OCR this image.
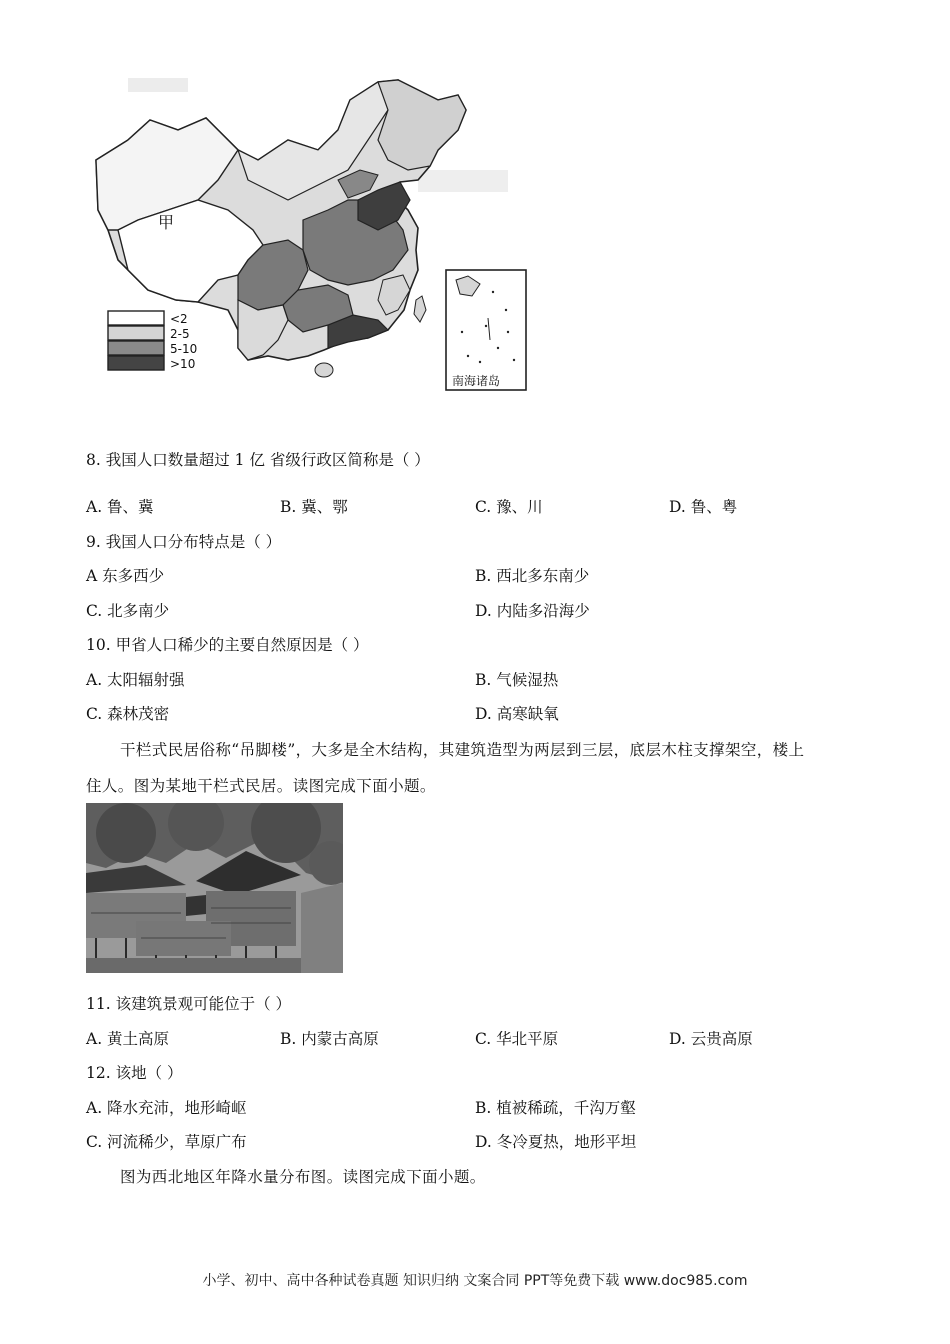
甲
<2
2-5
5-10
>10
南海诸岛
8. 我国人口数量超过 1 亿 省级行政区简称是（ ）
A. 鲁、冀	B. 冀、鄂	C. 豫、川	D. 鲁、粤
9. 我国人口分布特点是（ ）
A 东多西少	B. 西北多东南少
C. 北多南少	D. 内陆多沿海少
10. 甲省人口稀少的主要自然原因是（ ）
A. 太阳辐射强	B. 气候湿热
C. 森林茂密	D. 高寒缺氧
干栏式民居俗称“吊脚楼”，大多是全木结构，其建筑造型为两层到三层，底层木柱支撑架空，楼上
住人。图为某地干栏式民居。读图完成下面小题。
11. 该建筑景观可能位于（ ）
A. 黄土高原	B. 内蒙古高原	C. 华北平原	D. 云贵高原
12. 该地（ ）
A. 降水充沛，地形崎岖	B. 植被稀疏，千沟万壑
C. 河流稀少，草原广布	D. 冬冷夏热，地形平坦
图为西北地区年降水量分布图。读图完成下面小题。
小学、初中、高中各种试卷真题 知识归纳 文案合同 PPT等免费下载 www.doc985.com
